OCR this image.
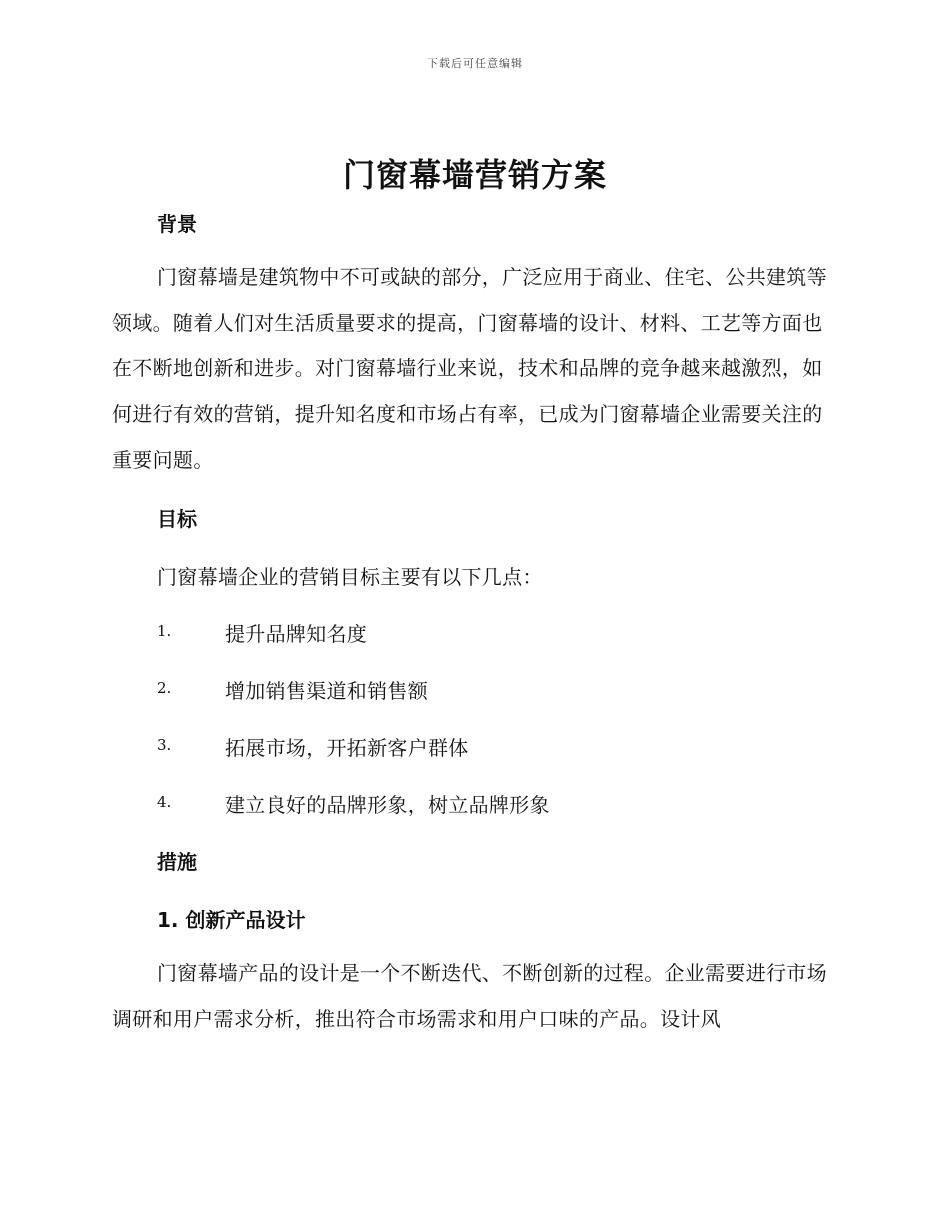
下载后可任意编辑
门窗幕墙营销方案
背景

门窗幕墙是建筑物中不可或缺的部分，广泛应用于商业、住宅、公共建筑等领域。随着人们对生活质量要求的提高，门窗幕墙的设计、材料、工艺等方面也在不断地创新和进步。对门窗幕墙行业来说，技术和品牌的竞争越来越激烈，如何进行有效的营销，提升知名度和市场占有率，已成为门窗幕墙企业需要关注的重要问题。

目标

门窗幕墙企业的营销目标主要有以下几点：

1.	提升品牌知名度
2.	增加销售渠道和销售额
3.	拓展市场，开拓新客户群体
4.	建立良好的品牌形象，树立品牌形象
措施
1. 创新产品设计

门窗幕墙产品的设计是一个不断迭代、不断创新的过程。企业需要进行市场调研和用户需求分析，推出符合市场需求和用户口味的产品。设计风
